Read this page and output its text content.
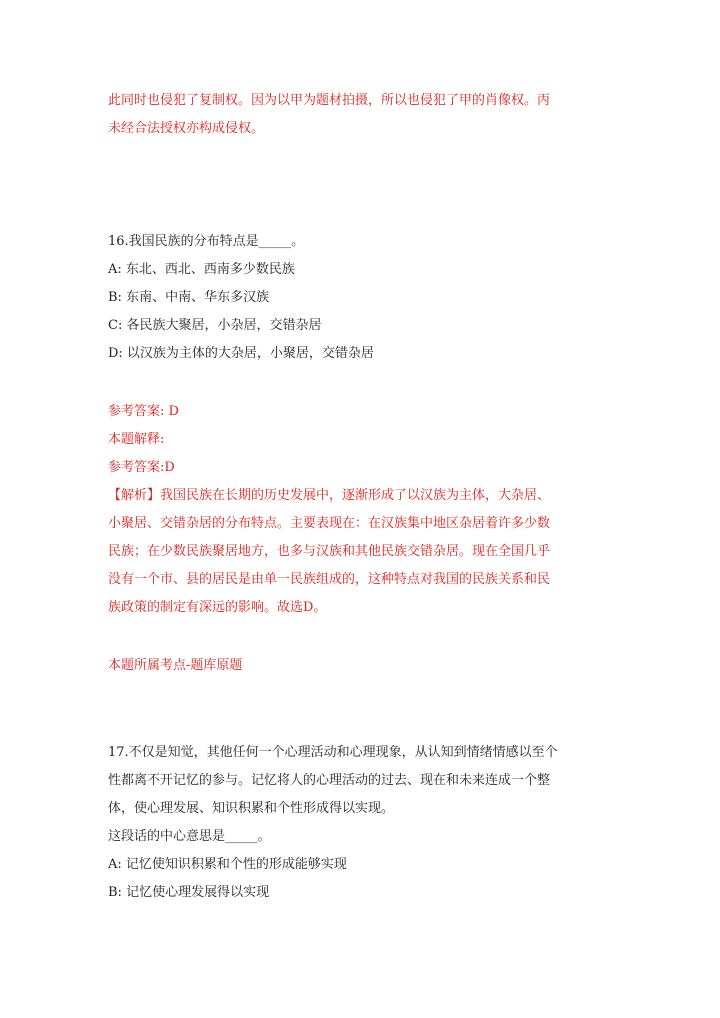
此同时也侵犯了复制权。因为以甲为题材拍摄，所以也侵犯了甲的肖像权。丙
未经合法授权亦构成侵权。
16.我国民族的分布特点是_____。
A: 东北、西北、西南多少数民族
B: 东南、中南、华东多汉族
C: 各民族大聚居，小杂居，交错杂居
D: 以汉族为主体的大杂居，小聚居，交错杂居
参考答案: D
本题解释:
参考答案:D
【解析】我国民族在长期的历史发展中，逐渐形成了以汉族为主体，大杂居、
小聚居、交错杂居的分布特点。主要表现在：在汉族集中地区杂居着许多少数
民族；在少数民族聚居地方，也多与汉族和其他民族交错杂居。现在全国几乎
没有一个市、县的居民是由单一民族组成的，这种特点对我国的民族关系和民
族政策的制定有深远的影响。故选D。
本题所属考点-题库原题
17.不仅是知觉，其他任何一个心理活动和心理现象，从认知到情绪情感以至个
性都离不开记忆的参与。记忆将人的心理活动的过去、现在和未来连成一个整
体，使心理发展、知识积累和个性形成得以实现。
这段话的中心意思是_____。
A: 记忆使知识积累和个性的形成能够实现
B: 记忆使心理发展得以实现
